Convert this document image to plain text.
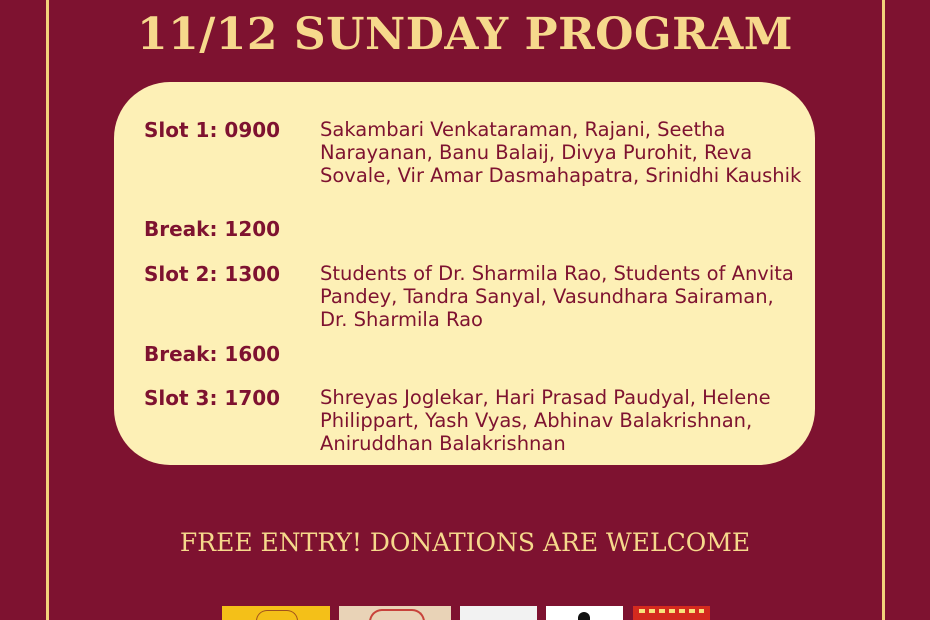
11/12 SUNDAY PROGRAM
Slot 1: 0900	Sakambari Venkataraman, Rajani, Seetha Narayanan, Banu Balaij, Divya Purohit, Reva Sovale, Vir Amar Dasmahapatra, Srinidhi Kaushik
Break: 1200
Slot 2: 1300	Students of Dr. Sharmila Rao, Students of Anvita Pandey, Tandra Sanyal, Vasundhara Sairaman, Dr. Sharmila Rao
Break: 1600
Slot 3: 1700	Shreyas Joglekar, Hari Prasad Paudyal, Helene Philippart, Yash Vyas, Abhinav Balakrishnan, Aniruddhan Balakrishnan
FREE ENTRY! DONATIONS ARE WELCOME
